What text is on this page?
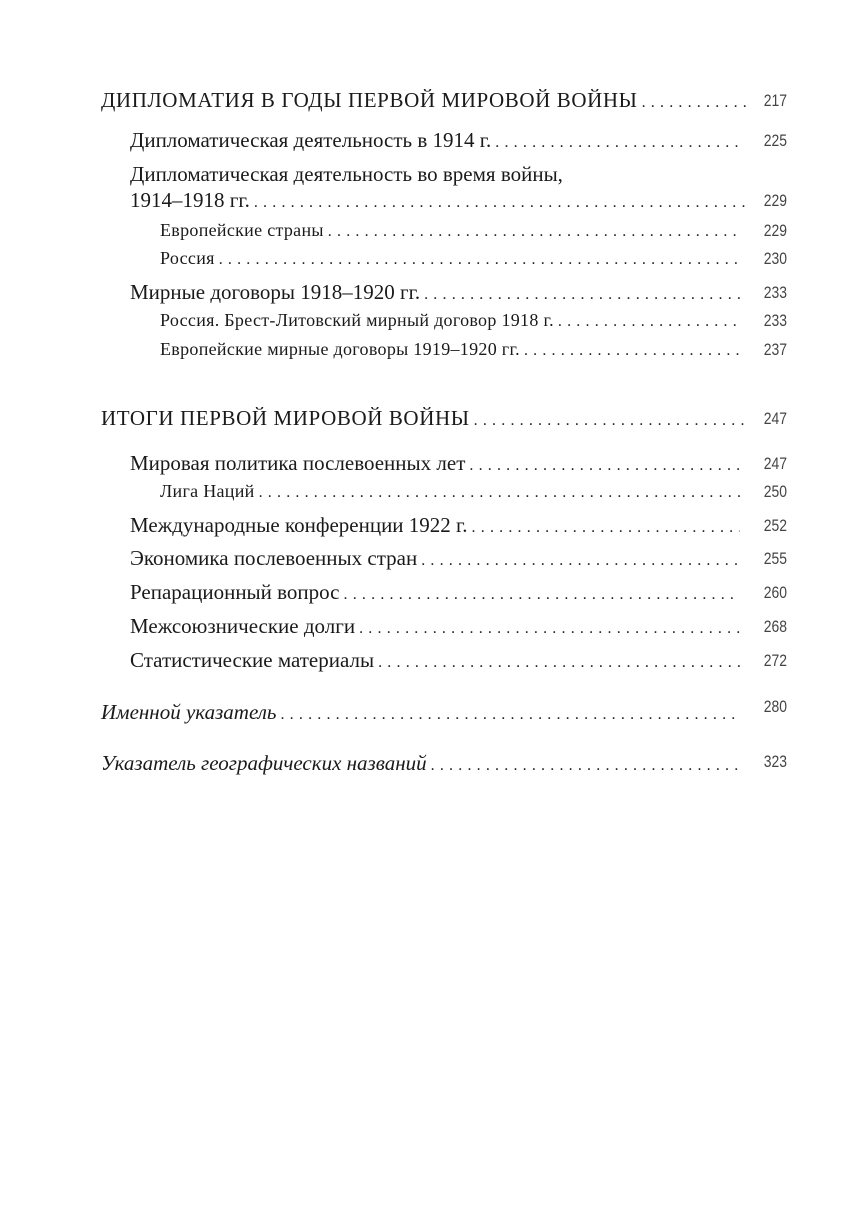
ДИПЛОМАТИЯ В ГОДЫ ПЕРВОЙ МИРОВОЙ ВОЙНЫ . . .	217
Дипломатическая деятельность в 1914 г. . . .	225
Дипломатическая деятельность во время войны,
1914–1918 гг. . . .	229
Европейские страны . . .	229
Россия . . .	230
Мирные договоры 1918–1920 гг. . . .	233
Россия. Брест-Литовский мирный договор 1918 г. . . .	233
Европейские мирные договоры 1919–1920 гг. . . .	237
ИТОГИ ПЕРВОЙ МИРОВОЙ ВОЙНЫ . . .	247
Мировая политика послевоенных лет . . .	247
Лига Наций . . .	250
Международные конференции 1922 г. . . .	252
Экономика послевоенных стран . . .	255
Репарационный вопрос . . .	260
Межсоюзнические долги . . .	268
Статистические материалы . . .	272
Именной указатель . . .	280
Указатель географических названий . . .	323
